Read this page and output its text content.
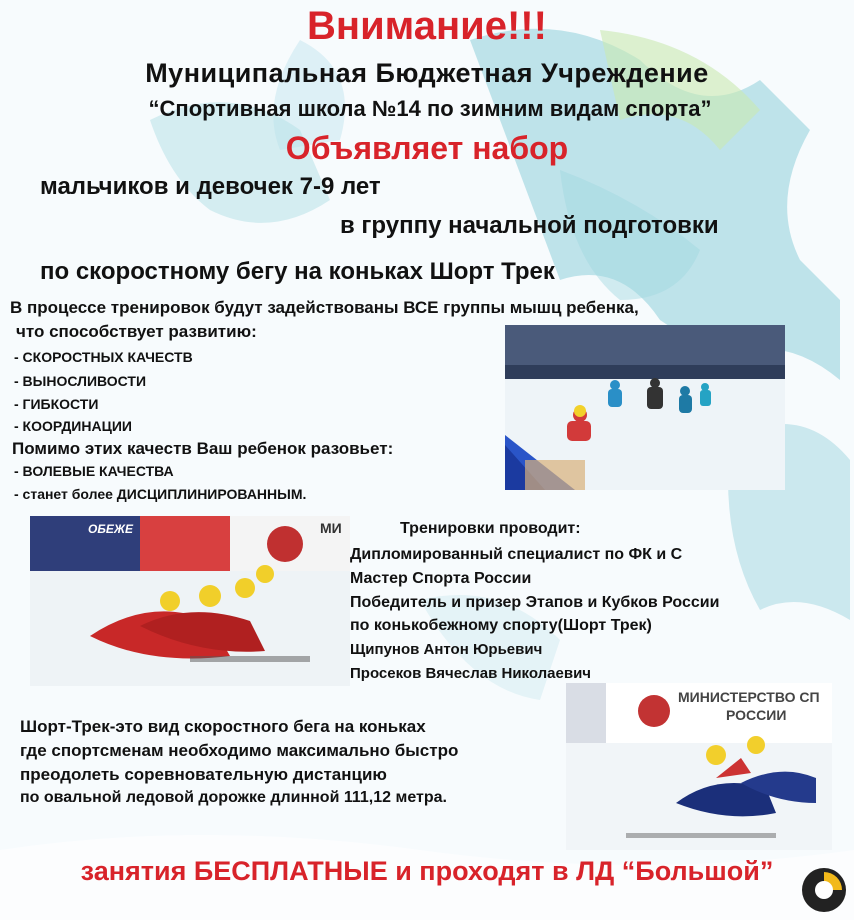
Внимание!!!
Муниципальная Бюджетная Учреждение
“Спортивная школа №14 по зимним видам спорта”
Объявляет набор
мальчиков и девочек 7-9 лет
в группу начальной подготовки
по скоростному бегу на коньках Шорт Трек
В процессе тренировок будут задействованы ВСЕ группы мышц ребенка,
что способствует развитию:
- СКОРОСТНЫХ КАЧЕСТВ
- ВЫНОСЛИВОСТИ
- ГИБКОСТИ
- КООРДИНАЦИИ
Помимо этих качеств Ваш ребенок разовьет:
- ВОЛЕВЫЕ КАЧЕСТВА
- станет более ДИСЦИПЛИНИРОВАННЫМ.
ОБЕЖЕ	МИ	Тренировки проводит:
Дипломированный специалист по ФК и С
Мастер Спорта России
Победитель и призер Этапов и Кубков России
по конькобежному спорту(Шорт Трек)
Щипунов Антон Юрьевич
Просеков Вячеслав Николаевич
МИНИСТЕРСТВО СП
РОССИИ
Шорт-Трек-это вид скоростного бега на коньках
где спортсменам необходимо максимально быстро
преодолеть соревновательную дистанцию
по овальной ледовой дорожке длинной 111,12 метра.
занятия БЕСПЛАТНЫЕ и проходят в ЛД “Большой”
